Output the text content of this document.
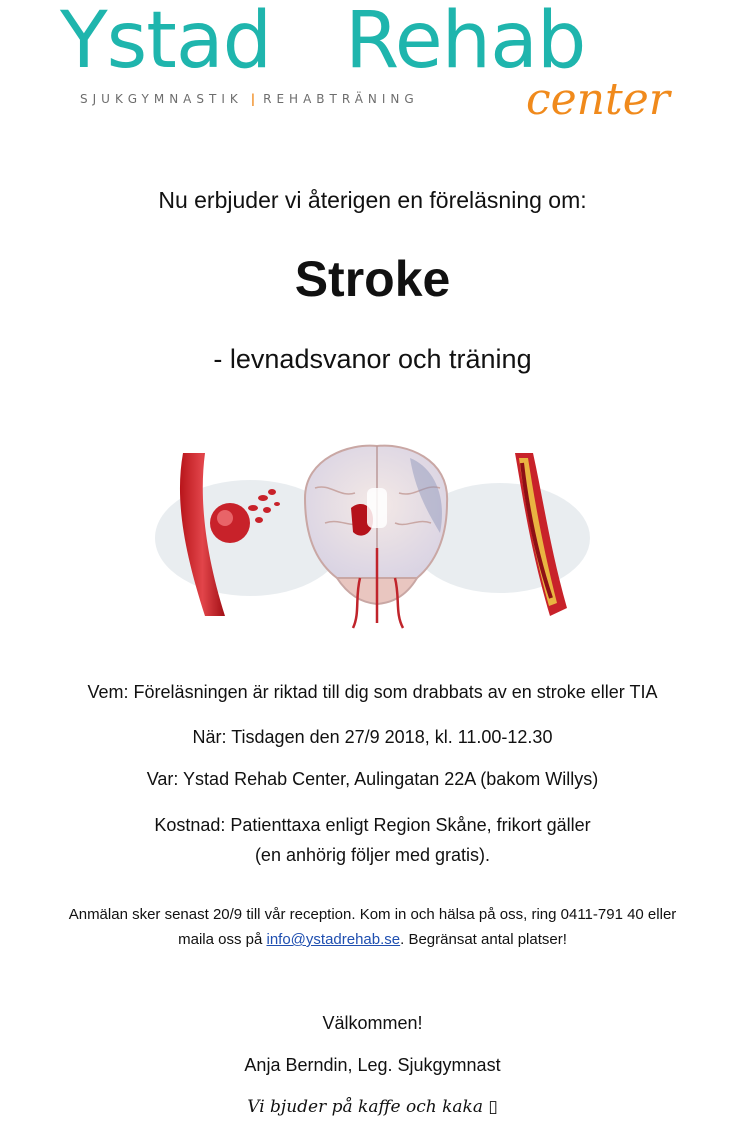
Ystad Rehab
SJUKGYMNASTIK | REHABTRÄNING center
Nu erbjuder vi återigen en föreläsning om:
Stroke
- levnadsvanor och träning
Vem: Föreläsningen är riktad till dig som drabbats av en stroke eller TIA
När: Tisdagen den 27/9 2018, kl. 11.00-12.30
Var: Ystad Rehab Center, Aulingatan 22A (bakom Willys)
Kostnad: Patienttaxa enligt Region Skåne, frikort gäller
(en anhörig följer med gratis).
Anmälan sker senast 20/9 till vår reception. Kom in och hälsa på oss, ring 0411-791 40 eller
maila oss på info@ystadrehab.se. Begränsat antal platser!
Välkommen!
Anja Berndin, Leg. Sjukgymnast
Vi bjuder på kaffe och kaka ▯
